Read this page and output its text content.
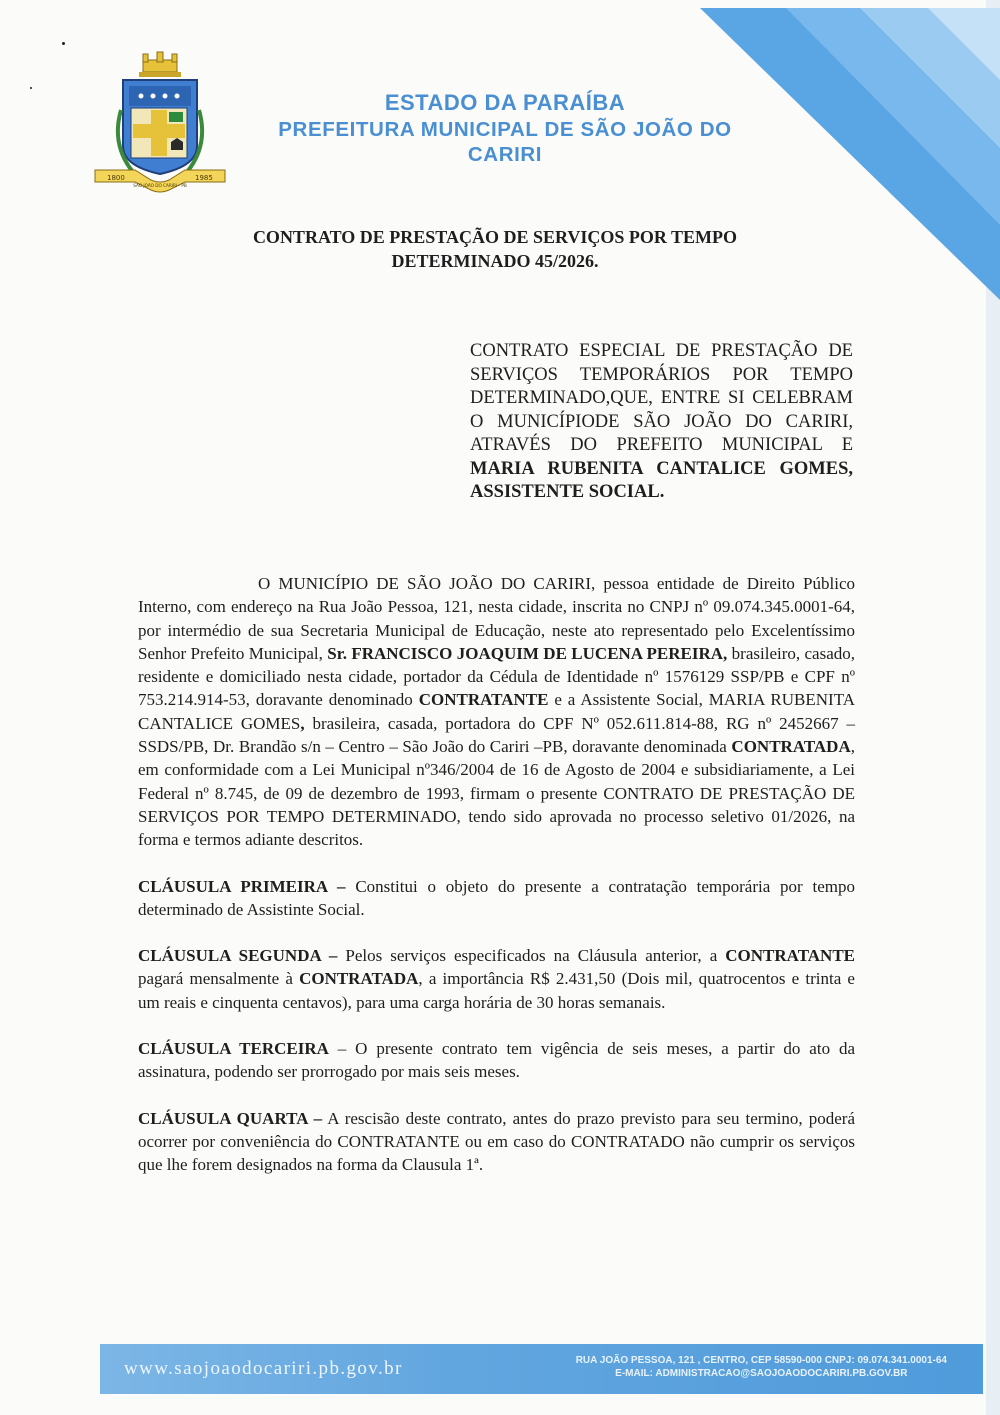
1800
SÃO JOÃO DO CARIRI - PB
1985
ESTADO DA PARAÍBA
PREFEITURA MUNICIPAL DE SÃO JOÃO DO CARIRI
CONTRATO DE PRESTAÇÃO DE SERVIÇOS POR TEMPO
DETERMINADO 45/2026.
CONTRATO ESPECIAL DE PRESTAÇÃO DE SERVIÇOS TEMPORÁRIOS POR TEMPO DETERMINADO,QUE, ENTRE SI CELEBRAM O MUNICÍPIODE SÃO JOÃO DO CARIRI, ATRAVÉS DO PREFEITO MUNICIPAL E MARIA RUBENITA CANTALICE GOMES, ASSISTENTE SOCIAL.

O MUNICÍPIO DE SÃO JOÃO DO CARIRI, pessoa entidade de Direito Público Interno, com endereço na Rua João Pessoa, 121, nesta cidade, inscrita no CNPJ nº 09.074.345.0001-64, por intermédio de sua Secretaria Municipal de Educação, neste ato representado pelo Excelentíssimo Senhor Prefeito Municipal, Sr. FRANCISCO JOAQUIM DE LUCENA PEREIRA, brasileiro, casado, residente e domiciliado nesta cidade, portador da Cédula de Identidade nº 1576129 SSP/PB e CPF nº 753.214.914-53, doravante denominado CONTRATANTE e a Assistente Social, MARIA RUBENITA CANTALICE GOMES, brasileira, casada, portadora do CPF Nº 052.611.814-88, RG nº 2452667 – SSDS/PB, Dr. Brandão s/n – Centro – São João do Cariri –PB, doravante denominada CONTRATADA, em conformidade com a Lei Municipal nº346/2004 de 16 de Agosto de 2004 e subsidiariamente, a Lei Federal nº 8.745, de 09 de dezembro de 1993, firmam o presente CONTRATO DE PRESTAÇÃO DE SERVIÇOS POR TEMPO DETERMINADO, tendo sido aprovada no processo seletivo 01/2026, na forma e termos adiante descritos.

CLÁUSULA PRIMEIRA – Constitui o objeto do presente a contratação temporária por tempo determinado de Assistinte Social.

CLÁUSULA SEGUNDA – Pelos serviços especificados na Cláusula anterior, a CONTRATANTE pagará mensalmente à CONTRATADA, a importância R$ 2.431,50 (Dois mil, quatrocentos e trinta e um reais e cinquenta centavos), para uma carga horária de 30 horas semanais.

CLÁUSULA TERCEIRA – O presente contrato tem vigência de seis meses, a partir do ato da assinatura, podendo ser prorrogado por mais seis meses.

CLÁUSULA QUARTA – A rescisão deste contrato, antes do prazo previsto para seu termino, poderá ocorrer por conveniência do CONTRATANTE ou em caso do CONTRATADO não cumprir os serviços que lhe forem designados na forma da Clausula 1ª.

www.saojoaodocariri.pb.gov.br	RUA JOÃO PESSOA, 121 , CENTRO, CEP 58590-000 CNPJ: 09.074.341.0001-64
E-MAIL: ADMINISTRACAO@SAOJOAODOCARIRI.PB.GOV.BR
